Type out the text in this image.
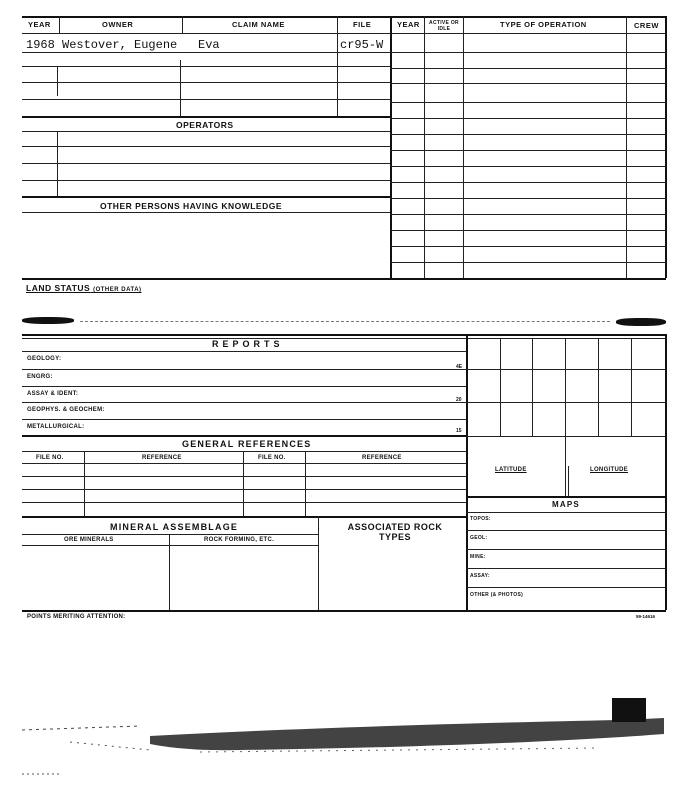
YEAR	OWNER	CLAIM NAME	FILE	YEAR ACTIVE OR IDLE	TYPE OF OPERATION	CREW
1968 Westover, Eugene Eva	cr95-W
OPERATORS
OTHER PERSONS HAVING KNOWLEDGE
LAND STATUS (OTHER DATA)
REPORTS
GEOLOGY:
4E
ENGRG:
ASSAY & IDENT:
20
GEOPHYS. & GEOCHEM:
METALLURGICAL:
15
GENERAL REFERENCES
FILE NO.	REFERENCE	FILE NO.	REFERENCE
MINERAL ASSEMBLAGE
ORE MINERALS	ROCK FORMING, ETC.
ASSOCIATED ROCK TYPES
POINTS MERITING ATTENTION:	59-14616
LATITUDE	LONGITUDE
MAPS
TOPOS:
GEOL:
MINE:
ASSAY:
OTHER (& PHOTOS)
